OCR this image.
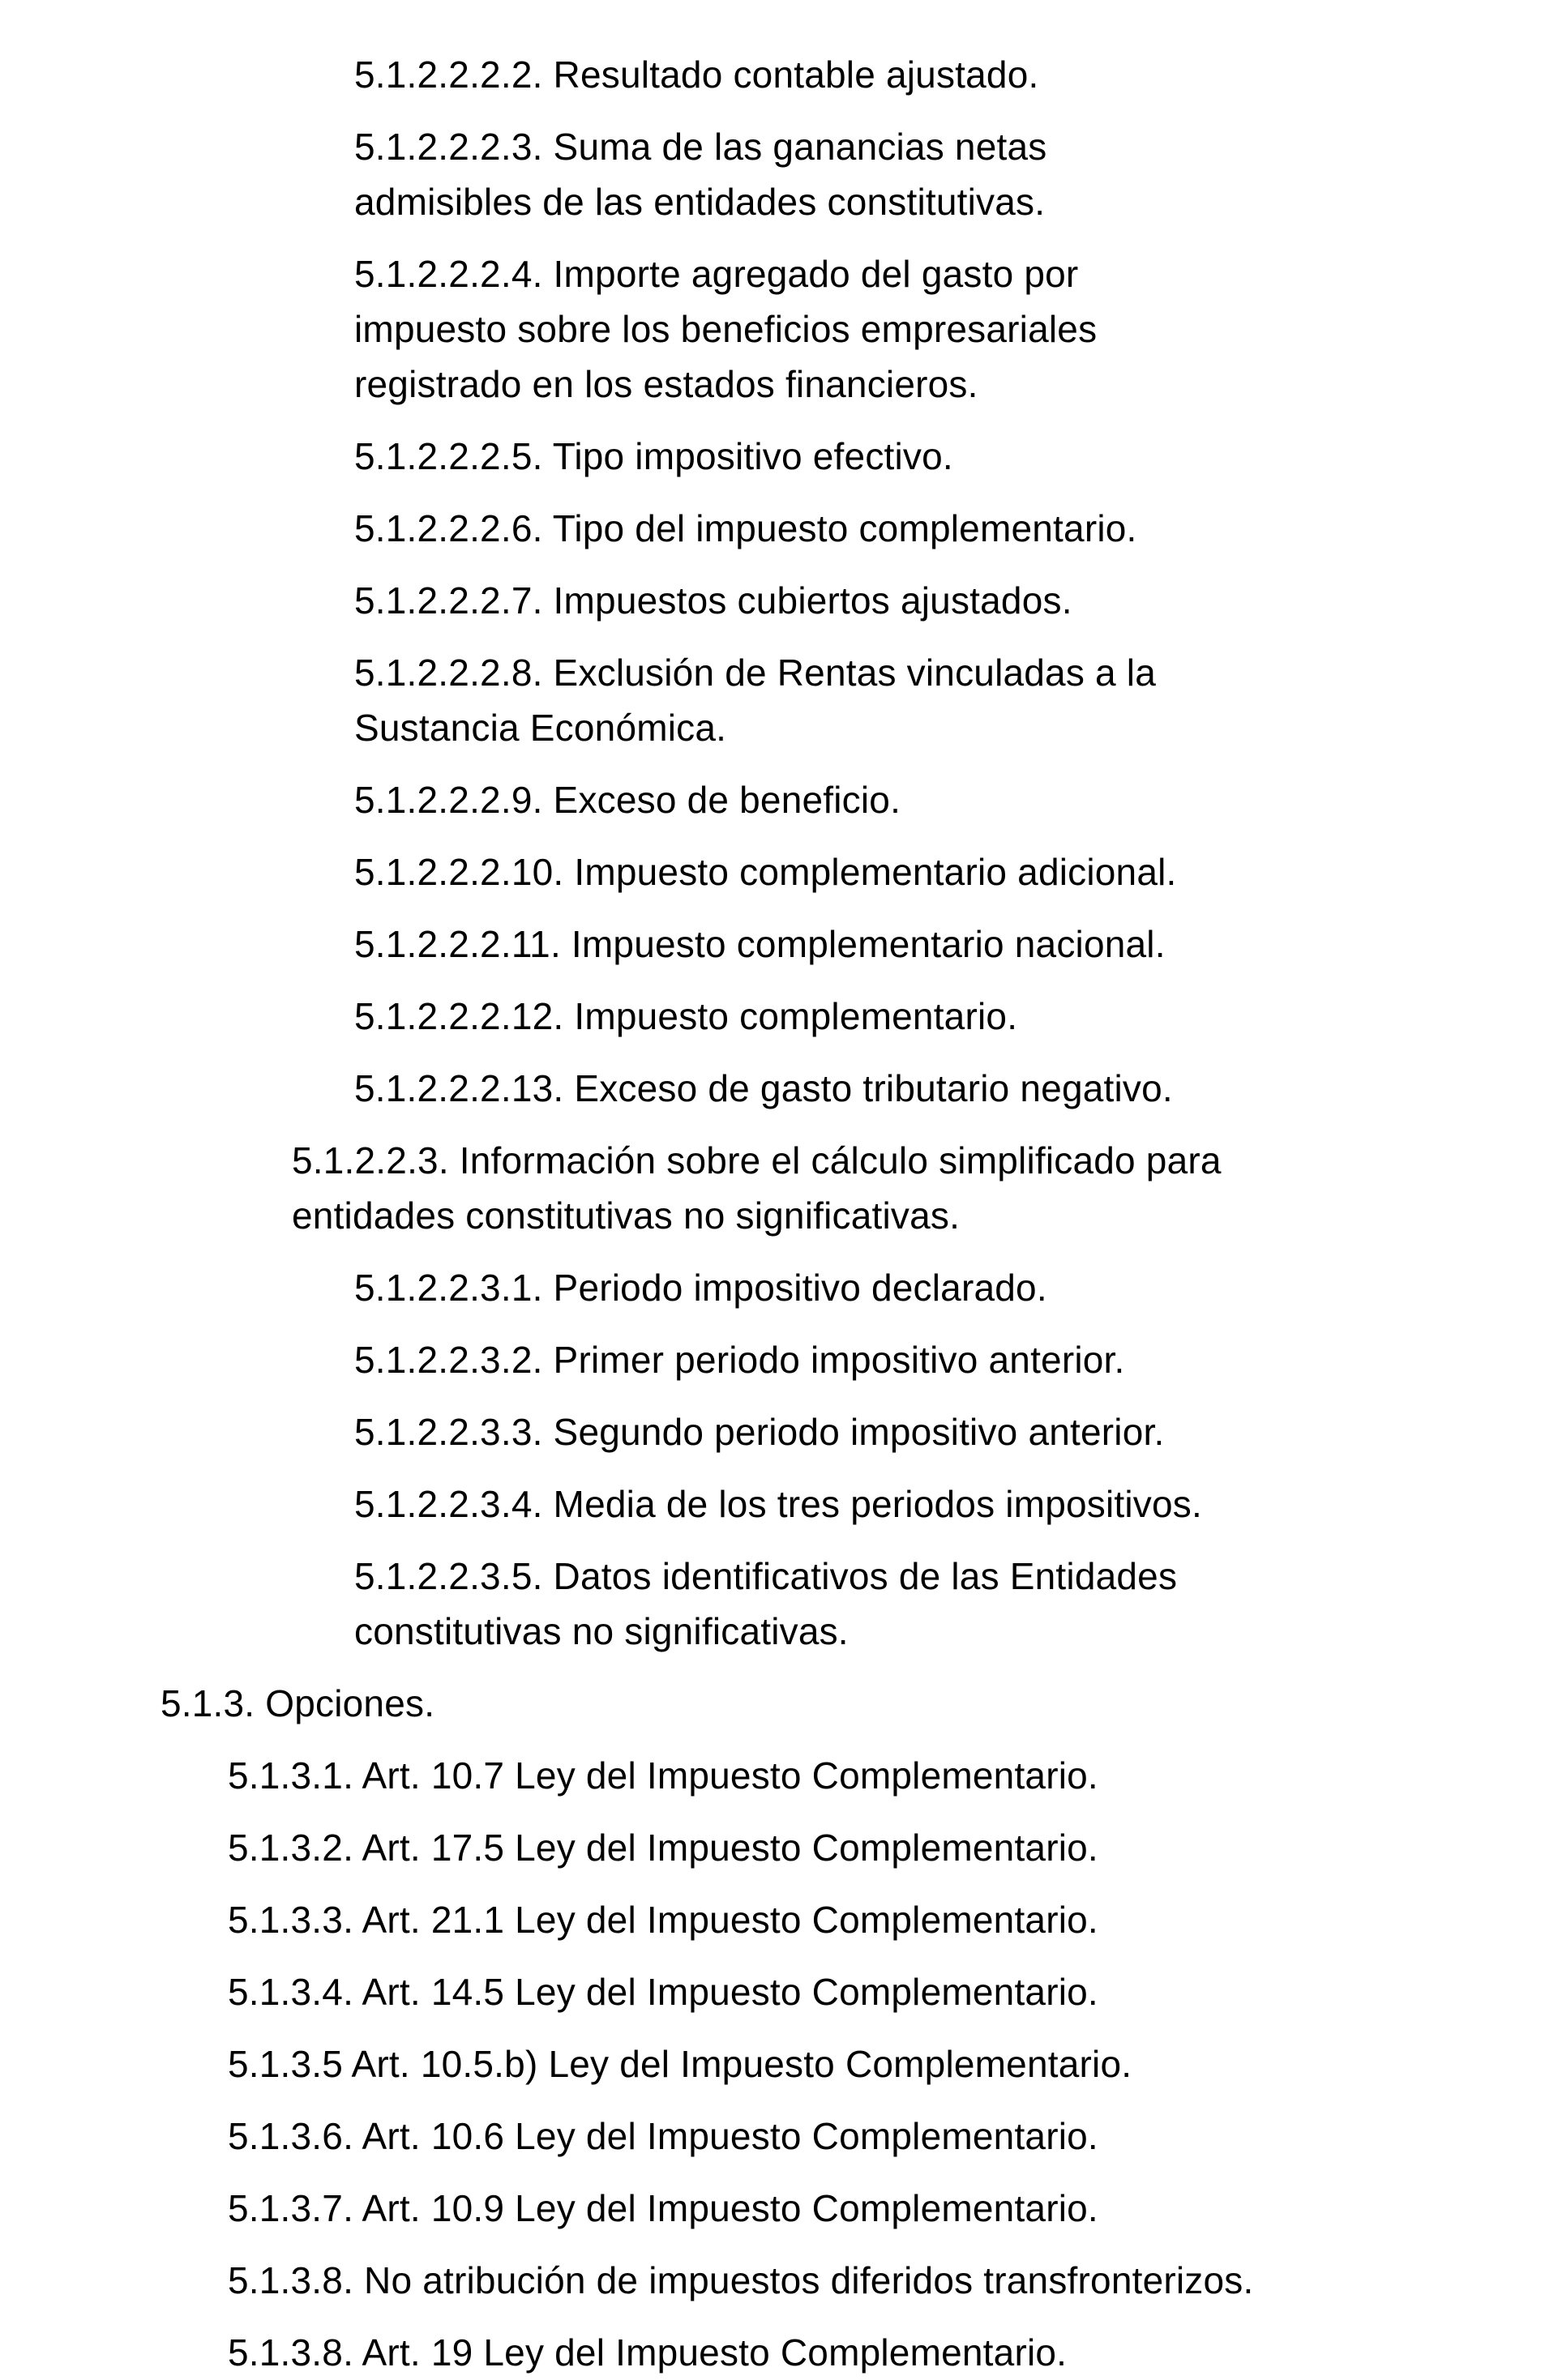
5.1.2.2.2.2. Resultado contable ajustado.

5.1.2.2.2.3. Suma de las ganancias netas
admisibles de las entidades constitutivas.

5.1.2.2.2.4. Importe agregado del gasto por
impuesto sobre los beneficios empresariales
registrado en los estados financieros.

5.1.2.2.2.5. Tipo impositivo efectivo.

5.1.2.2.2.6. Tipo del impuesto complementario.

5.1.2.2.2.7. Impuestos cubiertos ajustados.

5.1.2.2.2.8. Exclusión de Rentas vinculadas a la
Sustancia Económica.

5.1.2.2.2.9. Exceso de beneficio.

5.1.2.2.2.10. Impuesto complementario adicional.

5.1.2.2.2.11. Impuesto complementario nacional.

5.1.2.2.2.12. Impuesto complementario.

5.1.2.2.2.13. Exceso de gasto tributario negativo.

5.1.2.2.3. Información sobre el cálculo simplificado para
entidades constitutivas no significativas.

5.1.2.2.3.1. Periodo impositivo declarado.

5.1.2.2.3.2. Primer periodo impositivo anterior.

5.1.2.2.3.3. Segundo periodo impositivo anterior.

5.1.2.2.3.4. Media de los tres periodos impositivos.

5.1.2.2.3.5. Datos identificativos de las Entidades
constitutivas no significativas.

5.1.3. Opciones.

5.1.3.1. Art. 10.7 Ley del Impuesto Complementario.

5.1.3.2. Art. 17.5 Ley del Impuesto Complementario.

5.1.3.3. Art. 21.1 Ley del Impuesto Complementario.

5.1.3.4. Art. 14.5 Ley del Impuesto Complementario.

5.1.3.5 Art. 10.5.b) Ley del Impuesto Complementario.

5.1.3.6. Art. 10.6 Ley del Impuesto Complementario.

5.1.3.7. Art. 10.9 Ley del Impuesto Complementario.

5.1.3.8. No atribución de impuestos diferidos transfronterizos.

5.1.3.8. Art. 19 Ley del Impuesto Complementario.
